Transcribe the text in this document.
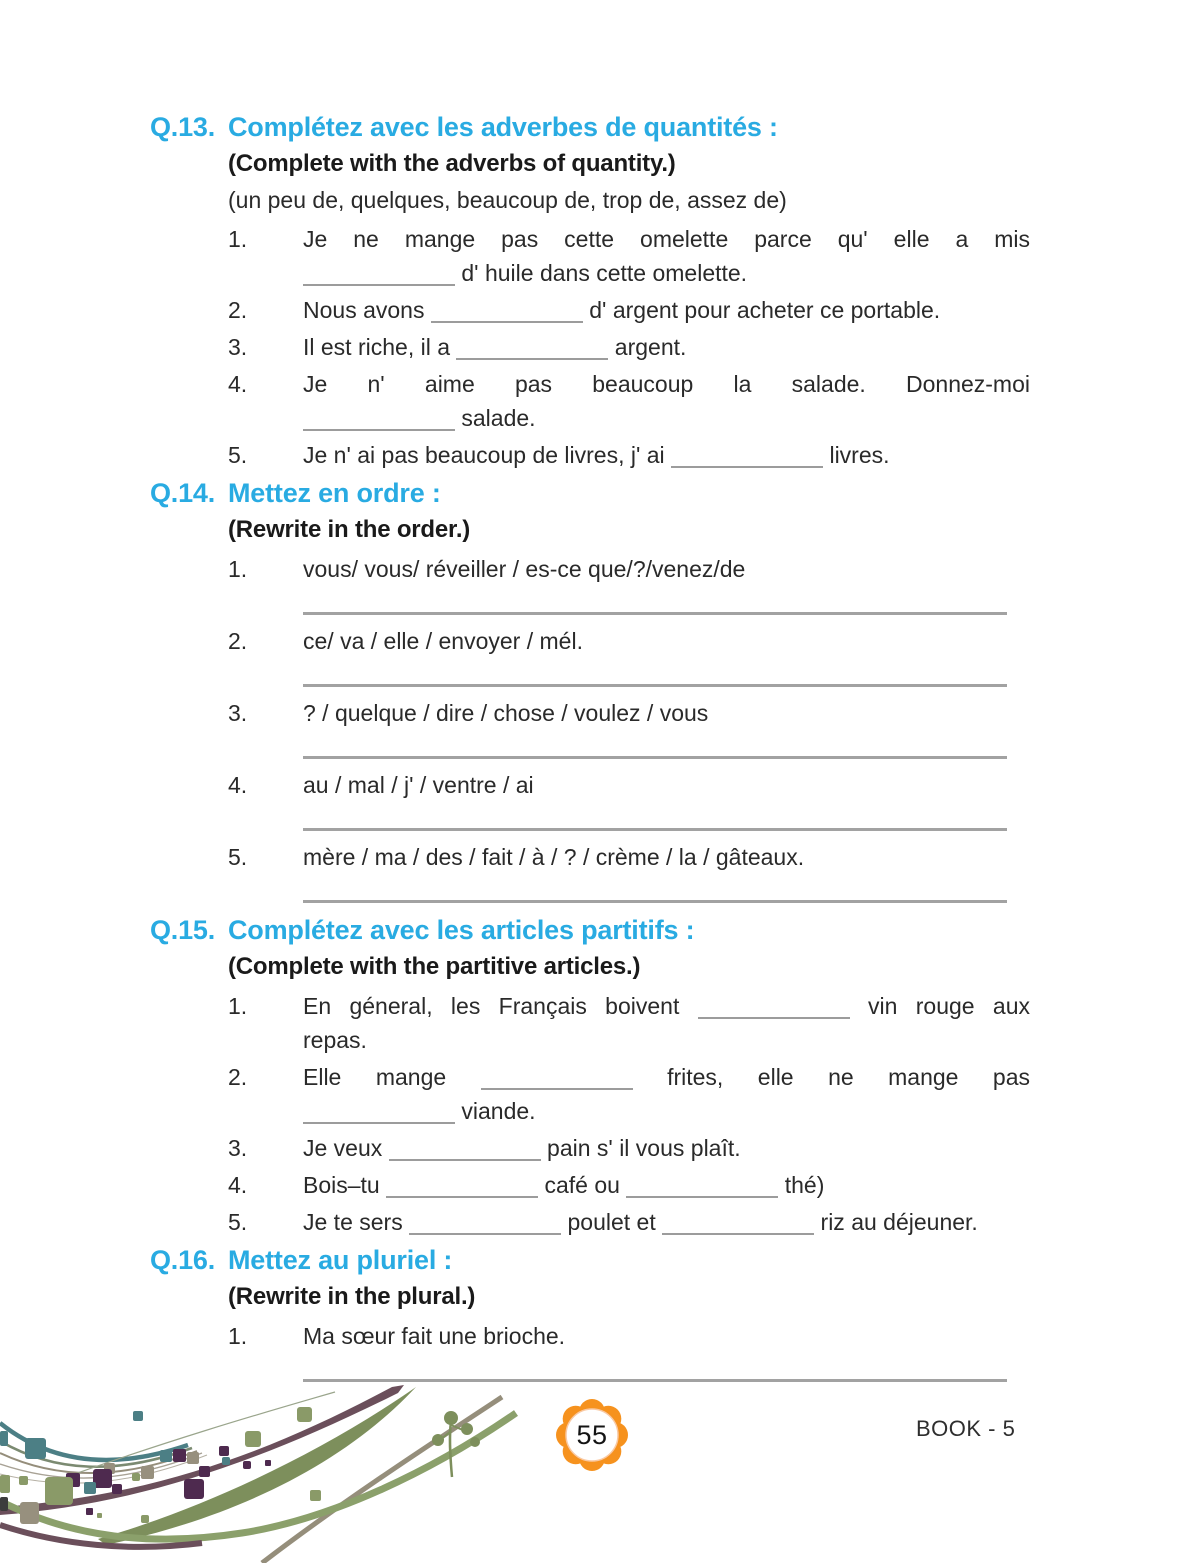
Q.13. Complétez avec les adverbes de quantités :
(Complete with the adverbs of quantity.)
(un peu de, quelques, beaucoup de, trop de, assez de)
1.	Je ne mange pas cette omelette parce qu' elle a mis
d' huile dans cette omelette.
2.	Nous avons	d' argent pour acheter ce portable.
3.	Il est riche, il a	argent.
4.	Je n' aime pas beaucoup la salade. Donnez-moi
salade.
5.	Je n' ai pas beaucoup de livres, j' ai	livres.
Q.14. Mettez en ordre :
(Rewrite in the order.)
1.	vous/ vous/ réveiller / es-ce que/?/venez/de
2.	ce/ va / elle / envoyer / mél.
3.	? / quelque / dire / chose / voulez / vous
4.	au / mal / j' / ventre / ai
5.	mère / ma / des / fait / à / ? / crème / la / gâteaux.
Q.15. Complétez avec les articles partitifs :
(Complete with the partitive articles.)
1.	En géneral, les Français boivent	vin rouge aux
repas.
2.	Elle mange	frites, elle ne mange pas
viande.
3.	Je veux	pain s' il vous plaît.
4.	Bois–tu	café ou	thé)
5.	Je te sers	poulet et	riz au déjeuner.
Q.16. Mettez au pluriel :
(Rewrite in the plural.)
1.	Ma sœur fait une brioche.
55	BOOK - 5
